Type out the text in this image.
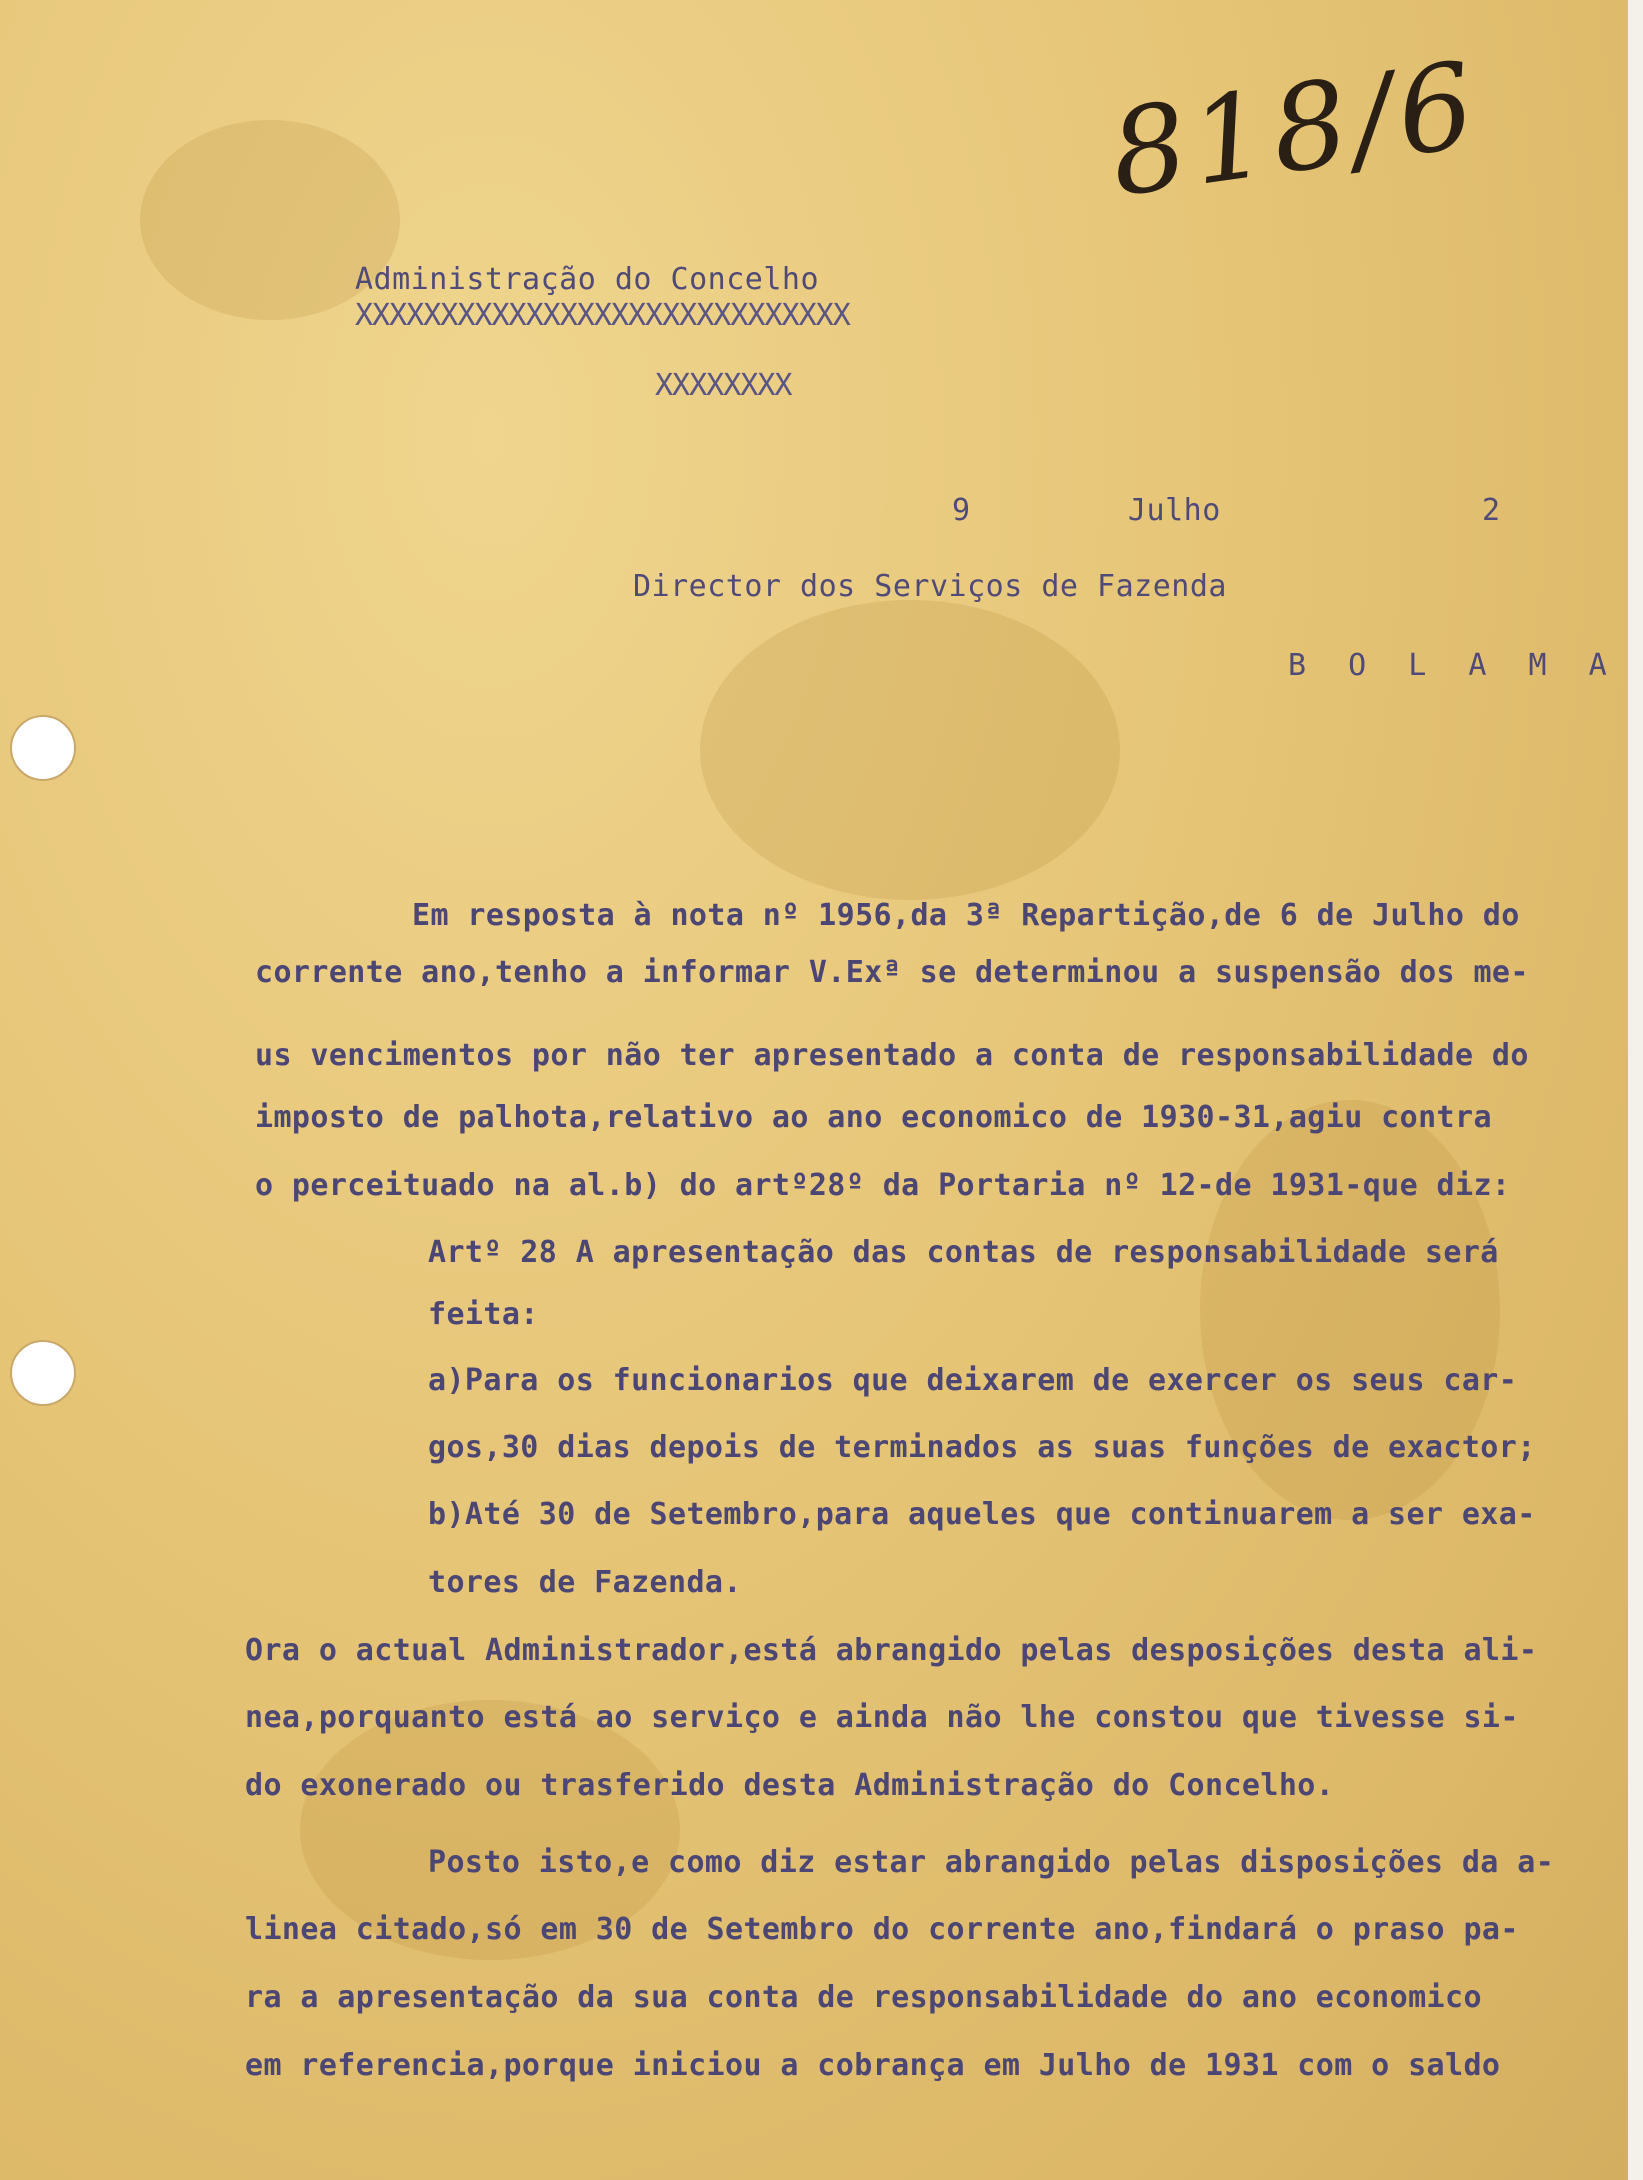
818/6
Administração do Concelho
XXXXXXXXXXXXXXXXXXXXXXXXXXXXX
XXXXXXXX
9	Julho	2
Director dos Serviços de Fazenda
B O L A M A
Em resposta à nota nº 1956,da 3ª Repartição,de 6 de Julho do
corrente ano,tenho a informar V.Exª se determinou a suspensão dos me-
us vencimentos por não ter apresentado a conta de responsabilidade do
imposto de palhota,relativo ao ano economico de 1930-31,agiu contra
o perceituado na al.b) do artº28º da Portaria nº 12-de 1931-que diz:
Artº 28 A apresentação das contas de responsabilidade será
feita:
a)Para os funcionarios que deixarem de exercer os seus car-
gos,30 dias depois de terminados as suas funções de exactor;
b)Até 30 de Setembro,para aqueles que continuarem a ser exa-
tores de Fazenda.
Ora o actual Administrador,está abrangido pelas desposições desta ali-
nea,porquanto está ao serviço e ainda não lhe constou que tivesse si-
do exonerado ou trasferido desta Administração do Concelho.
Posto isto,e como diz estar abrangido pelas disposições da a-
linea citado,só em 30 de Setembro do corrente ano,findará o praso pa-
ra a apresentação da sua conta de responsabilidade do ano economico
em referencia,porque iniciou a cobrança em Julho de 1931 com o saldo
